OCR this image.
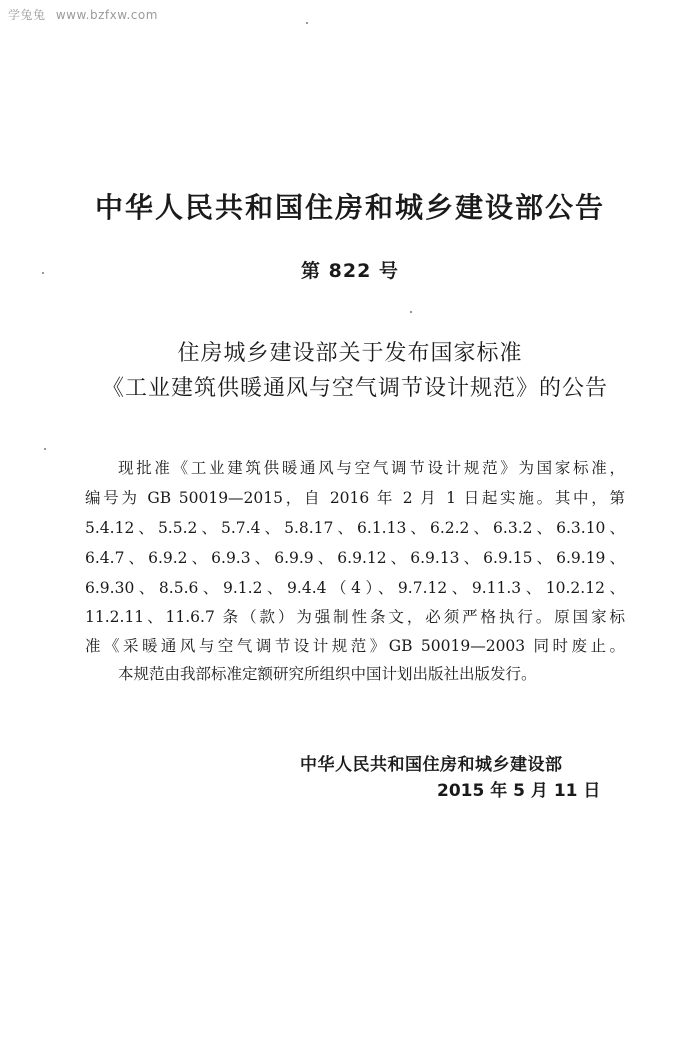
学兔兔 www.bzfxw.com
中华人民共和国住房和城乡建设部公告
第 822 号
住房城乡建设部关于发布国家标准
《工业建筑供暖通风与空气调节设计规范》的公告
现批准《工业建筑供暖通风与空气调节设计规范》为国家标准，
编号为 GB 50019—2015，自 2016 年 2 月 1 日起实施。其中，第
5.4.12、5.5.2、5.7.4、5.8.17、6.1.13、6.2.2、6.3.2、6.3.10、
6.4.7、6.9.2、6.9.3、6.9.9、6.9.12、6.9.13、6.9.15、6.9.19、
6.9.30、8.5.6、9.1.2、9.4.4（4）、9.7.12、9.11.3、10.2.12、
11.2.11、11.6.7 条（款）为强制性条文，必须严格执行。原国家标
准《采暖通风与空气调节设计规范》GB 50019—2003 同时废止。
本规范由我部标准定额研究所组织中国计划出版社出版发行。
中华人民共和国住房和城乡建设部
2015 年 5 月 11 日
